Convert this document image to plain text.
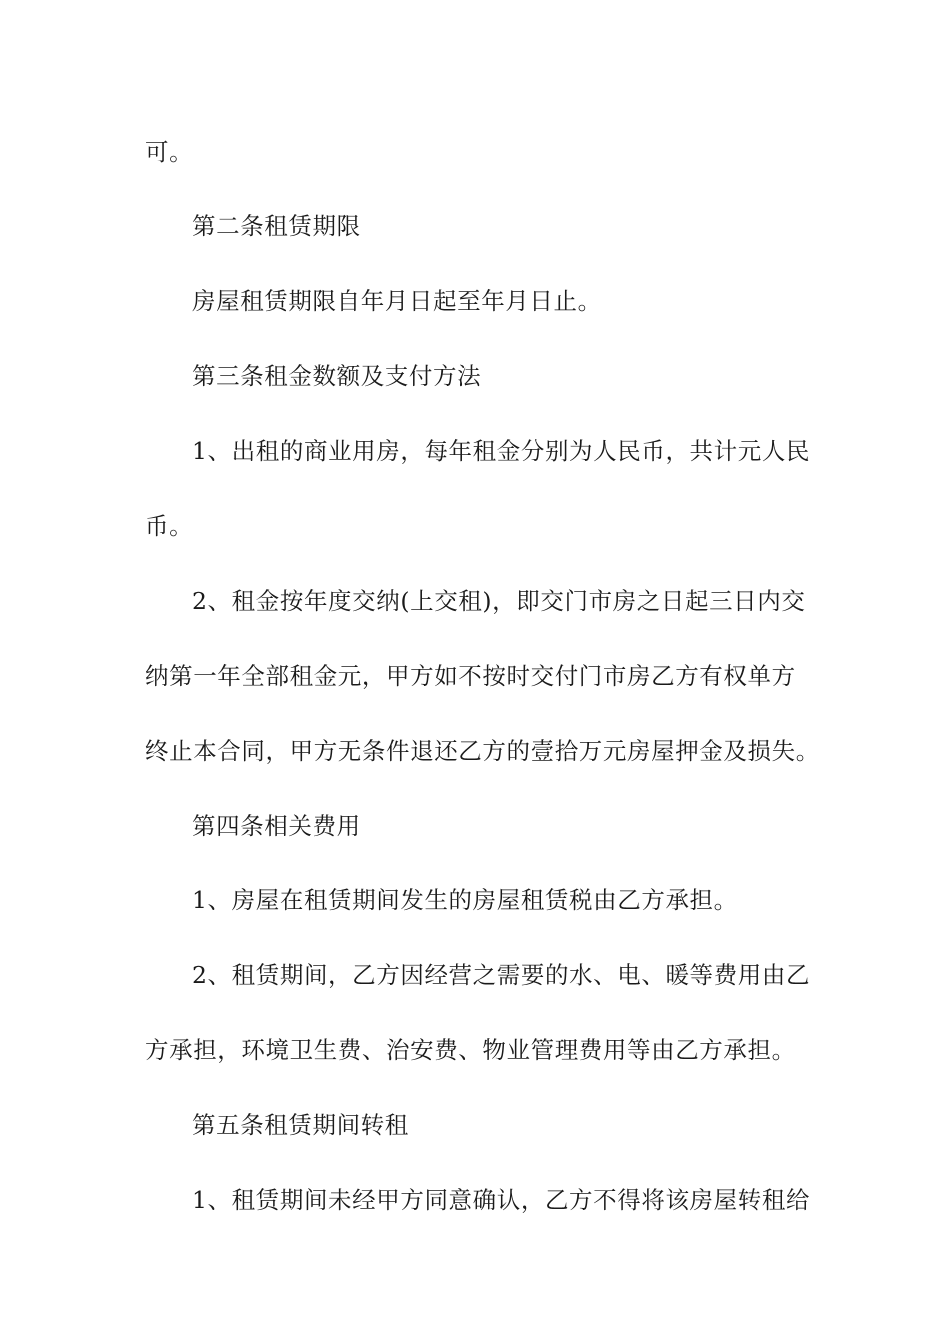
可。
第二条租赁期限
房屋租赁期限自年月日起至年月日止。
第三条租金数额及支付方法
1、出租的商业用房，每年租金分别为人民币，共计元人民
币。
2、租金按年度交纳(上交租)，即交门市房之日起三日内交
纳第一年全部租金元，甲方如不按时交付门市房乙方有权单方
终止本合同，甲方无条件退还乙方的壹拾万元房屋押金及损失。
第四条相关费用
1、房屋在租赁期间发生的房屋租赁税由乙方承担。
2、租赁期间，乙方因经营之需要的水、电、暖等费用由乙
方承担，环境卫生费、治安费、物业管理费用等由乙方承担。
第五条租赁期间转租
1、租赁期间未经甲方同意确认，乙方不得将该房屋转租给
